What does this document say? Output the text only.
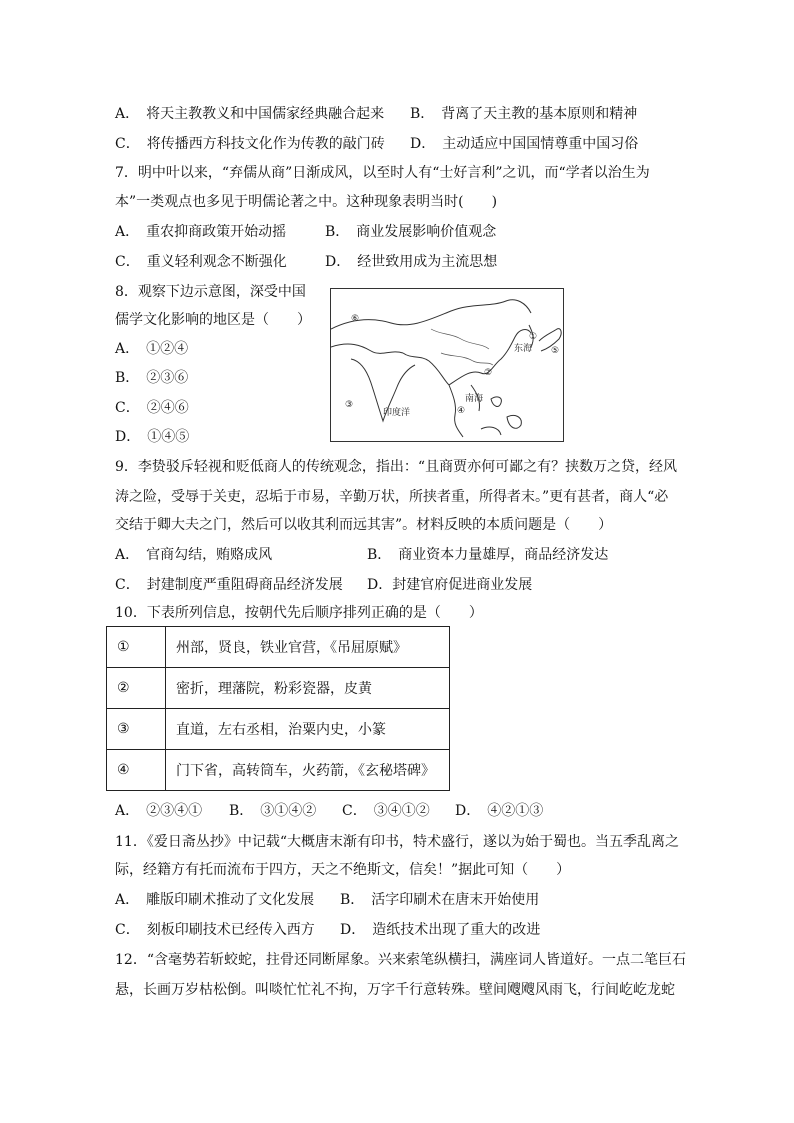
A．　将天主教教义和中国儒家经典融合起来 B．　背离了天主教的基本原则和精神
C．　将传播西方科技文化作为传教的敲门砖 D．　主动适应中国国情尊重中国习俗
7．明中叶以来，“弃儒从商”日渐成风，以至时人有“士好言利”之讥，而“学者以治生为
本”一类观点也多见于明儒论著之中。这种现象表明当时(　　)
A．　重农抑商政策开始动摇	B．　商业发展影响价值观念
C．　重义轻利观念不断强化	D．　经世致用成为主流思想
8．观察下边示意图，深受中国
儒学文化影响的地区是（　　）
A．　①②④
B．　②③⑥
C．　②④⑥
D．　①④⑤
印度洋
东海
南海
①
②
③
④
⑤
⑥
9．李贽驳斥轻视和贬低商人的传统观念，指出：“且商贾亦何可鄙之有？挟数万之贷，经风
涛之险，受辱于关吏，忍垢于市易，辛勤万状，所挟者重，所得者末。”更有甚者，商人“必
交结于卿大夫之门，然后可以收其利而远其害”。材料反映的本质问题是（　　）
A．　官商勾结，贿赂成风	B．　商业资本力量雄厚，商品经济发达
C．　封建制度严重阻碍商品经济发展 D．封建官府促进商业发展
10．下表所列信息，按朝代先后顺序排列正确的是（　　）
①	州部，贤良，铁业官营，《吊屈原赋》
②	密折，理藩院，粉彩瓷器，皮黄
③	直道，左右丞相，治粟内史，小篆
④	门下省，高转筒车，火药箭，《玄秘塔碑》
A．　②③④① B．　③①④② C．　③④①② D．　④②①③
11．《爱日斋丛抄》中记载“大概唐末渐有印书，特术盛行，遂以为始于蜀也。当五季乱离之
际，经籍方有托而流布于四方，天之不绝斯文，信矣！”据此可知（　　）
A．　雕版印刷术推动了文化发展 B．　活字印刷术在唐末开始使用
C．　刻板印刷技术已经传入西方 D．　造纸技术出现了重大的改进
12．“含毫势若斩蛟蛇，拄骨还同断犀象。兴来索笔纵横扫，满座词人皆道好。一点二笔巨石
悬，长画万岁枯松倒。叫啖忙忙礼不拘，万字千行意转殊。壁间飕飕风雨飞，行间屹屹龙蛇
